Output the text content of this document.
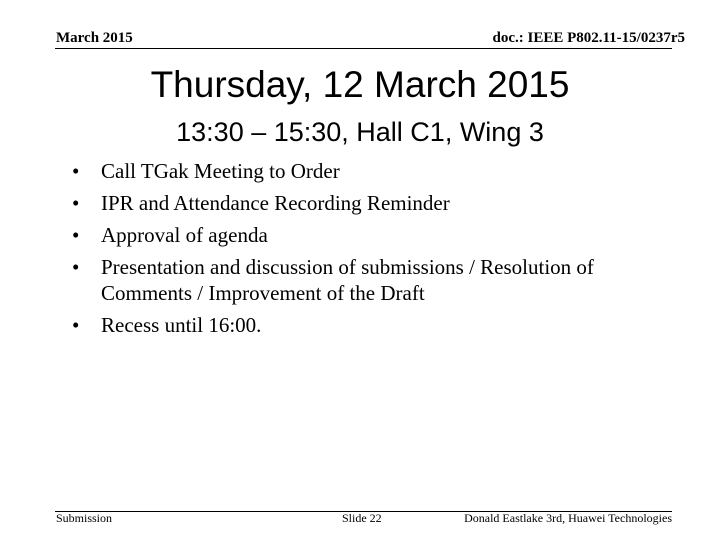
March 2015	doc.: IEEE P802.11-15/0237r5
Thursday, 12 March 2015
13:30 – 15:30, Hall C1, Wing 3
• Call TGak Meeting to Order
• IPR and Attendance Recording Reminder
• Approval of agenda
• Presentation and discussion of submissions / Resolution of Comments / Improvement of the Draft
• Recess until 16:00.
Submission	Slide 22	Donald Eastlake 3rd, Huawei Technologies
